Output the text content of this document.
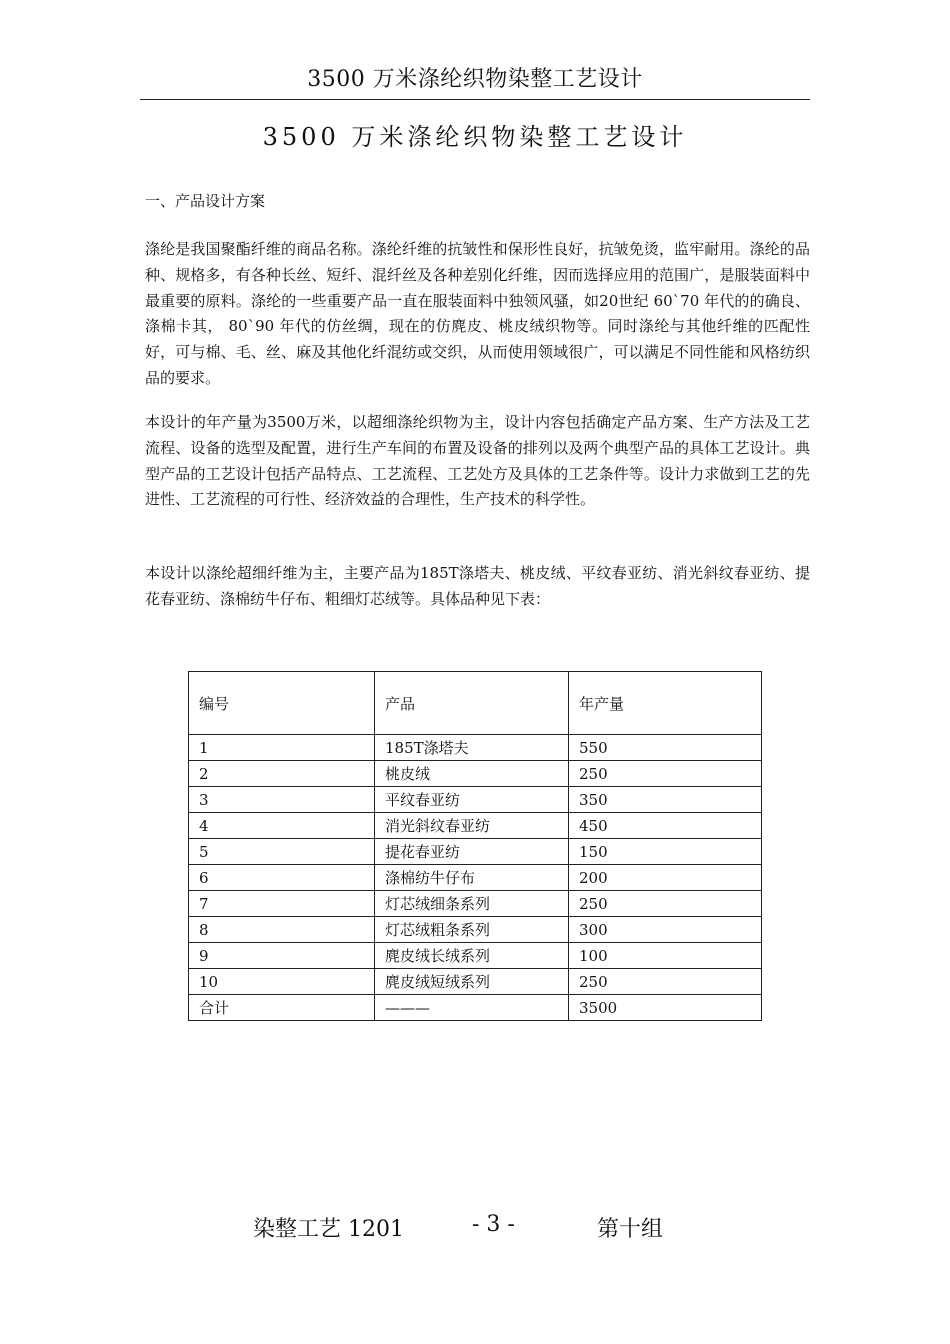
3500 万米涤纶织物染整工艺设计
3500 万米涤纶织物染整工艺设计
一、产品设计方案

涤纶是我国聚酯纤维的商品名称。涤纶纤维的抗皱性和保形性良好，抗皱免烫，监牢耐用。涤纶的品种、规格多，有各种长丝、短纤、混纤丝及各种差别化纤维，因而选择应用的范围广，是服装面料中最重要的原料。涤纶的一些重要产品一直在服装面料中独领风骚，如20世纪 60`70 年代的的确良、涤棉卡其， 80`90 年代的仿丝绸，现在的仿麂皮、桃皮绒织物等。同时涤纶与其他纤维的匹配性好，可与棉、毛、丝、麻及其他化纤混纺或交织，从而使用领域很广，可以满足不同性能和风格纺织品的要求。

本设计的年产量为3500万米，以超细涤纶织物为主，设计内容包括确定产品方案、生产方法及工艺流程、设备的选型及配置，进行生产车间的布置及设备的排列以及两个典型产品的具体工艺设计。典型产品的工艺设计包括产品特点、工艺流程、工艺处方及具体的工艺条件等。设计力求做到工艺的先进性、工艺流程的可行性、经济效益的合理性，生产技术的科学性。

本设计以涤纶超细纤维为主，主要产品为185T涤塔夫、桃皮绒、平纹春亚纺、消光斜纹春亚纺、提花春亚纺、涤棉纺牛仔布、粗细灯芯绒等。具体品种见下表：

编号	产品	年产量
1	185T涤塔夫	550
2	桃皮绒	250
3	平纹春亚纺	350
4	消光斜纹春亚纺	450
5	提花春亚纺	150
6	涤棉纺牛仔布	200
7	灯芯绒细条系列	250
8	灯芯绒粗条系列	300
9	麂皮绒长绒系列	100
10	麂皮绒短绒系列	250
合计	———	3500
染整工艺 1201	- 3 -	第十组
